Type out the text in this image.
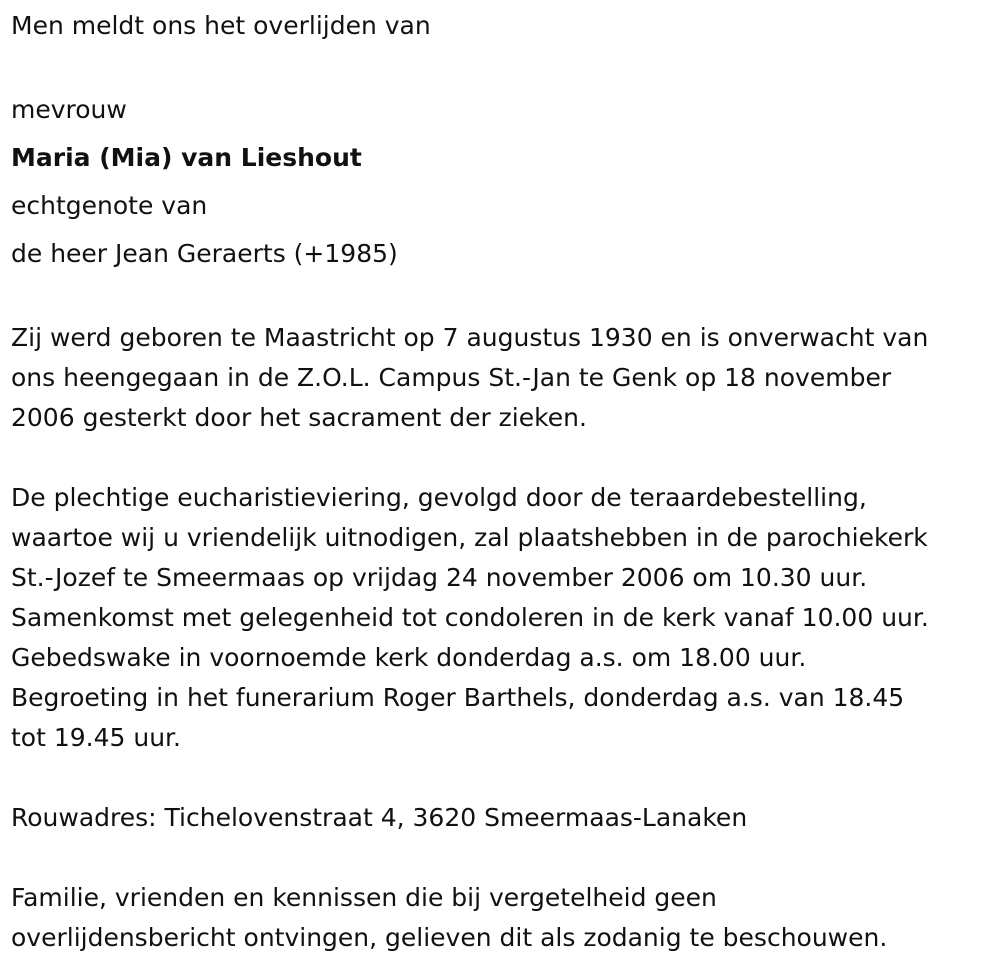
Men meldt ons het overlijden van

mevrouw

Maria (Mia) van Lieshout

echtgenote van

de heer Jean Geraerts (+1985)

Zij werd geboren te Maastricht op 7 augustus 1930 en is onverwacht van

ons heengegaan in de Z.O.L. Campus St.-Jan te Genk op 18 november

2006 gesterkt door het sacrament der zieken.

De plechtige eucharistieviering, gevolgd door de teraardebestelling,

waartoe wij u vriendelijk uitnodigen, zal plaatshebben in de parochiekerk

St.-Jozef te Smeermaas op vrijdag 24 november 2006 om 10.30 uur.

Samenkomst met gelegenheid tot condoleren in de kerk vanaf 10.00 uur.

Gebedswake in voornoemde kerk donderdag a.s. om 18.00 uur.

Begroeting in het funerarium Roger Barthels, donderdag a.s. van 18.45

tot 19.45 uur.

Rouwadres: Tichelovenstraat 4, 3620 Smeermaas-Lanaken

Familie, vrienden en kennissen die bij vergetelheid geen

overlijdensbericht ontvingen, gelieven dit als zodanig te beschouwen.
